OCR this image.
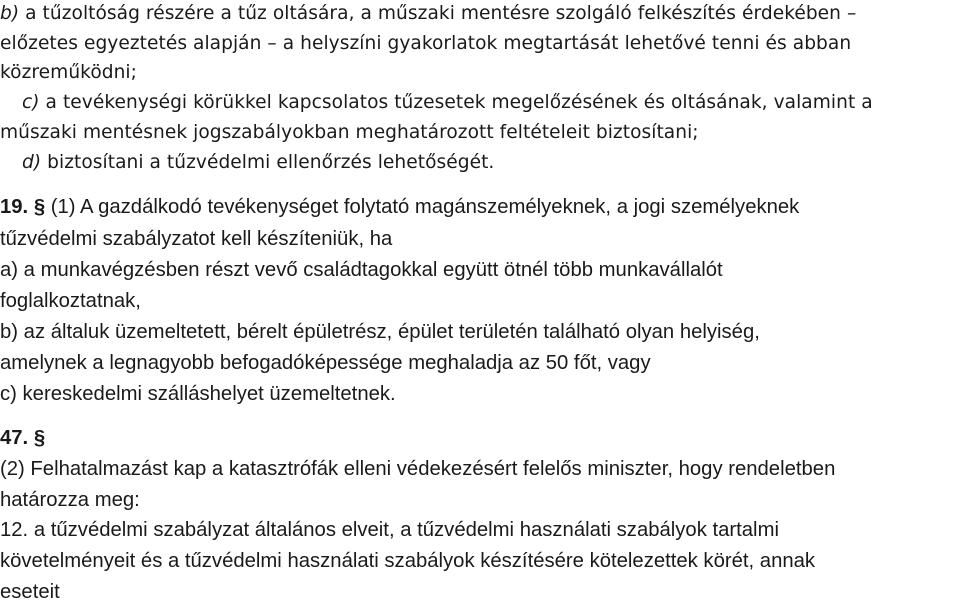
b) a tűzoltóság részére a tűz oltására, a műszaki mentésre szolgáló felkészítés érdekében –
előzetes egyeztetés alapján – a helyszíni gyakorlatok megtartását lehetővé tenni és abban
közreműködni;
c) a tevékenységi körükkel kapcsolatos tűzesetek megelőzésének és oltásának, valamint a
műszaki mentésnek jogszabályokban meghatározott feltételeit biztosítani;
d) biztosítani a tűzvédelmi ellenőrzés lehetőségét.
19. § (1) A gazdálkodó tevékenységet folytató magánszemélyeknek, a jogi személyeknek
tűzvédelmi szabályzatot kell készíteniük, ha
a) a munkavégzésben részt vevő családtagokkal együtt ötnél több munkavállalót
foglalkoztatnak,
b) az általuk üzemeltetett, bérelt épületrész, épület területén található olyan helyiség,
amelynek a legnagyobb befogadóképessége meghaladja az 50 főt, vagy
c) kereskedelmi szálláshelyet üzemeltetnek.
47. §
(2) Felhatalmazást kap a katasztrófák elleni védekezésért felelős miniszter, hogy rendeletben
határozza meg:
12. a tűzvédelmi szabályzat általános elveit, a tűzvédelmi használati szabályok tartalmi
követelményeit és a tűzvédelmi használati szabályok készítésére kötelezettek körét, annak
eseteit
